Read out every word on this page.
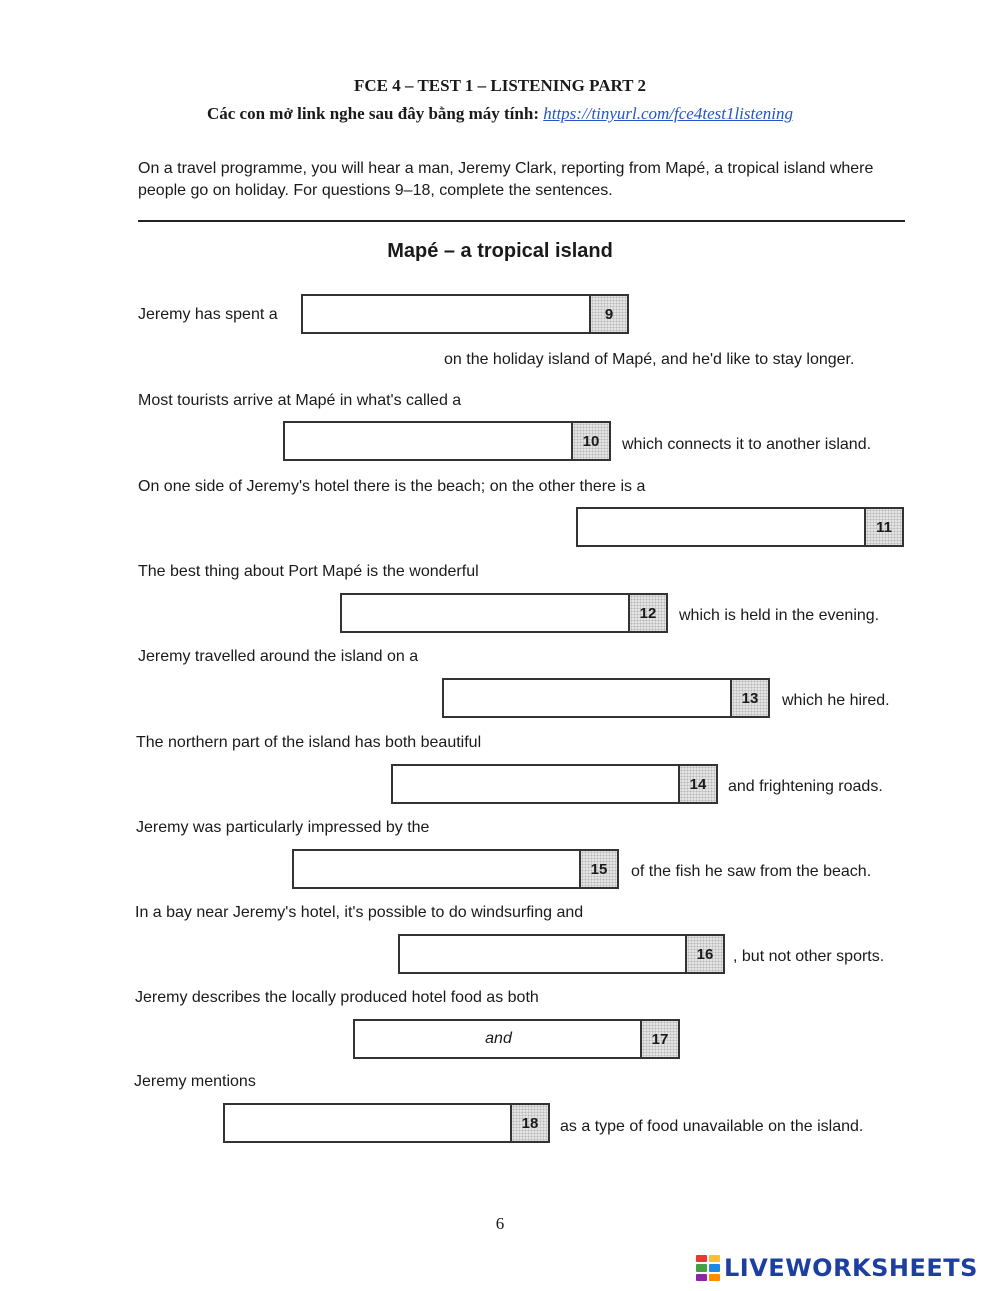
FCE 4 – TEST 1 – LISTENING PART 2
Các con mở link nghe sau đây bằng máy tính: https://tinyurl.com/fce4test1listening
On a travel programme, you will hear a man, Jeremy Clark, reporting from Mapé, a tropical island where people go on holiday. For questions 9–18, complete the sentences.
Mapé – a tropical island
Jeremy has spent a	9
on the holiday island of Mapé, and he'd like to stay longer.
Most tourists arrive at Mapé in what's called a
10	which connects it to another island.
On one side of Jeremy's hotel there is the beach; on the other there is a
11
The best thing about Port Mapé is the wonderful
12	which is held in the evening.
Jeremy travelled around the island on a
13	which he hired.
The northern part of the island has both beautiful
14	and frightening roads.
Jeremy was particularly impressed by the
15	of the fish he saw from the beach.
In a bay near Jeremy's hotel, it's possible to do windsurfing and
16	, but not other sports.
Jeremy describes the locally produced hotel food as both
and	17
Jeremy mentions
18	as a type of food unavailable on the island.
6
LIVEWORKSHEETS
